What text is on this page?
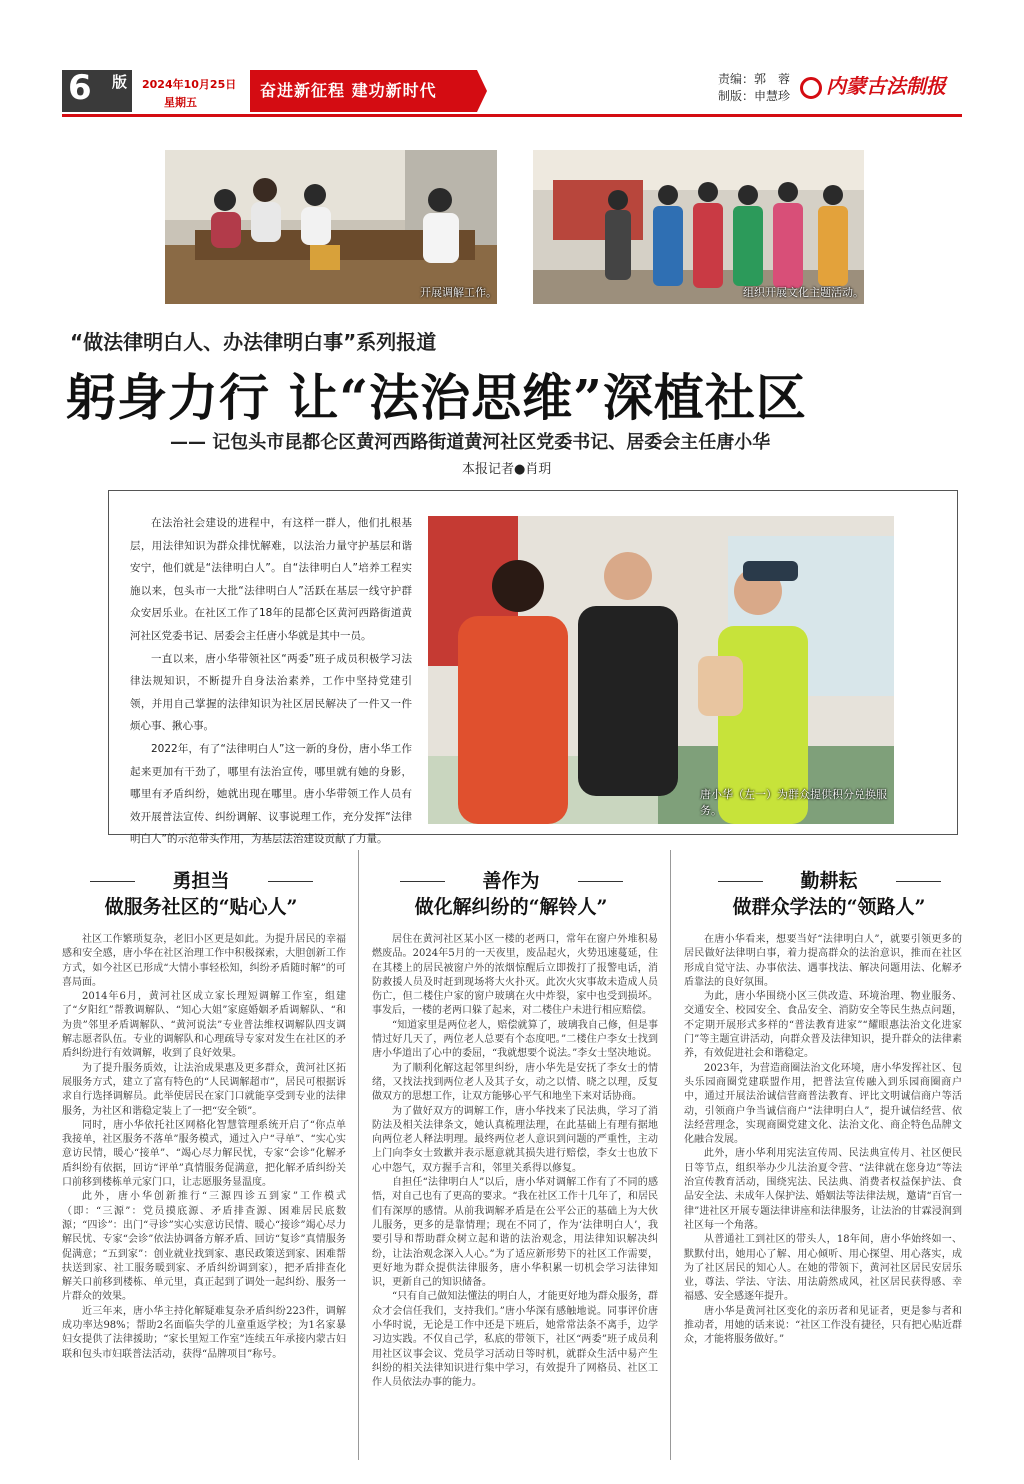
6 版 2024年10月25日
星期五
奋进新征程 建功新时代
责编：郭　蓉
制版：申慧珍	内蒙古法制报
开展调解工作。	组织开展文化主题活动。
“做法律明白人、办法律明白事”系列报道
躬身力行 让“法治思维”深植社区
—— 记包头市昆都仑区黄河西路街道黄河社区党委书记、居委会主任唐小华
本报记者●肖玥

在法治社会建设的进程中，有这样一群人，他们扎根基层，用法律知识为群众排忧解难，以法治力量守护基层和谐安宁，他们就是“法律明白人”。自“法律明白人”培养工程实施以来，包头市一大批“法律明白人”活跃在基层一线守护群众安居乐业。在社区工作了18年的昆都仑区黄河西路街道黄河社区党委书记、居委会主任唐小华就是其中一员。

一直以来，唐小华带领社区“两委”班子成员积极学习法律法规知识，不断提升自身法治素养，工作中坚持党建引领，并用自己掌握的法律知识为社区居民解决了一件又一件烦心事、揪心事。

2022年，有了“法律明白人”这一新的身份，唐小华工作起来更加有干劲了，哪里有法治宣传，哪里就有她的身影，哪里有矛盾纠纷，她就出现在哪里。唐小华带领工作人员有效开展普法宣传、纠纷调解、议事说理工作，充分发挥“法律明白人”的示范带头作用，为基层法治建设贡献了力量。

唐小华（左一）为群众提供积分兑换服务。
勇担当
做服务社区的“贴心人”
善作为
做化解纠纷的“解铃人”
勤耕耘
做群众学法的“领路人”

社区工作繁琐复杂，老旧小区更是如此。为提升居民的幸福感和安全感，唐小华在社区治理工作中积极探索，大胆创新工作方式，如今社区已形成“大情小事轻松知，纠纷矛盾随时解”的可喜局面。

2014年6月，黄河社区成立家长理短调解工作室，组建了“夕阳红”帮教调解队、“知心大姐”家庭婚姻矛盾调解队、“和为贵”邻里矛盾调解队、“黄河说法”专业普法维权调解队四支调解志愿者队伍。专业的调解队和心理疏导专家对发生在社区的矛盾纠纷进行有效调解，收到了良好效果。

为了提升服务质效，让法治成果惠及更多群众，黄河社区拓展服务方式，建立了富有特色的“人民调解超市”，居民可根据诉求自行选择调解员。此举使居民在家门口就能享受到专业的法律服务，为社区和谐稳定装上了一把“安全锁”。

同时，唐小华依托社区网格化智慧管理系统开启了“你点单我接单，社区服务不落单”服务模式，通过入户“寻单”、“实心实意访民情，暖心“接单”、“竭心尽力解民忧，专家“会诊”化解矛盾纠纷有依据，回访“评单”真情服务促满意，把化解矛盾纠纷关口前移到楼栋单元家门口，让志愿服务显温度。

此外，唐小华创新推行“三源四诊五到家”工作模式（即：“三源”：党员摸底源、矛盾排查源、困难居民底数源；“四诊”：出门“寻诊”实心实意访民情、暖心“接诊”竭心尽力解民忧、专家“会诊”依法协调备方解矛盾、回访“复诊”真情服务促满意；“五到家”：创业就业找到家、惠民政策送到家、困难帮扶送到家、社工服务暖到家、矛盾纠纷调到家），把矛盾排查化解关口前移到楼栋、单元里，真正起到了调处一起纠纷、服务一片群众的效果。

近三年来，唐小华主持化解疑难复杂矛盾纠纷223件，调解成功率达98%；帮助2名面临失学的儿童重返学校；为1名家暴妇女提供了法律援助；“家长里短工作室”连续五年承接内蒙古妇联和包头市妇联普法活动，获得“品牌项目”称号。

居住在黄河社区某小区一楼的老两口，常年在窗户外堆积易燃废品。2024年5月的一天夜里，废品起火，火势迅速蔓延，住在其楼上的居民被窗户外的浓烟惊醒后立即拨打了报警电话，消防救援人员及时赶到现场将大火扑灭。此次火灾事故未造成人员伤亡，但二楼住户家的窗户玻璃在火中炸裂，家中也受到损坏。事发后，一楼的老两口躲了起来，对二楼住户未进行相应赔偿。

“知道家里是两位老人，赔偿就算了，玻璃我自己修，但是事情过好几天了，两位老人总要有个态度吧。”二楼住户李女士找到唐小华道出了心中的委屈，“我就想要个说法。”李女士坚决地说。

为了顺利化解这起邻里纠纷，唐小华先是安抚了李女士的情绪，又找法找到两位老人及其子女，动之以情、晓之以理，反复做双方的思想工作，让双方能够心平气和地坐下来对话协商。

为了做好双方的调解工作，唐小华找来了民法典，学习了消防法及相关法律条文，她认真梳理法理，在此基础上有理有据地向两位老人释法明理。最终两位老人意识到问题的严重性，主动上门向李女士致歉并表示愿意就其损失进行赔偿，李女士也放下心中怨气，双方握手言和，邻里关系得以修复。

自担任“法律明白人”以后，唐小华对调解工作有了不同的感悟，对自己也有了更高的要求。“我在社区工作十几年了，和居民们有深厚的感情。从前我调解矛盾是在公平公正的基础上为大伙儿服务，更多的是靠情理；现在不同了，作为‘法律明白人’，我要引导和帮助群众树立起和谐的法治观念，用法律知识解决纠纷，让法治观念深入人心。”为了适应新形势下的社区工作需要，更好地为群众提供法律服务，唐小华积累一切机会学习法律知识，更新自己的知识储备。

“只有自己做知法懂法的明白人，才能更好地为群众服务，群众才会信任我们，支持我们。”唐小华深有感触地说。同事评价唐小华时说，无论是工作中还是下班后，她常常法条不离手，边学习边实践。不仅自己学，私底的带领下，社区“两委”班子成员利用社区议事会议、党员学习活动日等时机，就群众生活中易产生纠纷的相关法律知识进行集中学习，有效提升了网格员、社区工作人员依法办事的能力。

在唐小华看来，想要当好“法律明白人”，就要引领更多的居民做好法律明白事，着力提高群众的法治意识，推而在社区形成自觉守法、办事依法、遇事找法、解决问题用法、化解矛盾靠法的良好氛围。

为此，唐小华围绕小区三供改造、环境治理、物业服务、交通安全、校园安全、食品安全、消防安全等民生热点问题，不定期开展形式多样的“普法教育进家”“耀眼惠法治文化进家门”等主题宣讲活动，向群众普及法律知识，提升群众的法律素养，有效促进社会和谐稳定。

2023年，为营造商圈法治文化环境，唐小华发挥社区、包头乐园商圈党建联盟作用，把普法宣传融入到乐园商圈商户中，通过开展法治诚信营商普法教育、评比文明诚信商户等活动，引领商户争当诚信商户“法律明白人”，提升诚信经营、依法经营理念，实现商圈党建文化、法治文化、商企特色品牌文化融合发展。

此外，唐小华利用宪法宣传周、民法典宣传月、社区便民日等节点，组织举办少儿法治夏令营、“法律就在您身边”等法治宣传教育活动，围绕宪法、民法典、消费者权益保护法、食品安全法、未成年人保护法、婚姻法等法律法规，邀请“百官一律”进社区开展专题法律讲座和法律服务，让法治的甘霖浸润到社区每一个角落。

从普通社工到社区的带头人，18年间，唐小华始终如一、默默付出，她用心了解、用心倾听、用心探望、用心落实，成为了社区居民的知心人。在她的带领下，黄河社区居民安居乐业，尊法、学法、守法、用法蔚然成风，社区居民获得感、幸福感、安全感逐年提升。

唐小华是黄河社区变化的亲历者和见证者，更是参与者和推动者，用她的话来说：“社区工作没有捷径，只有把心贴近群众，才能将服务做好。”
